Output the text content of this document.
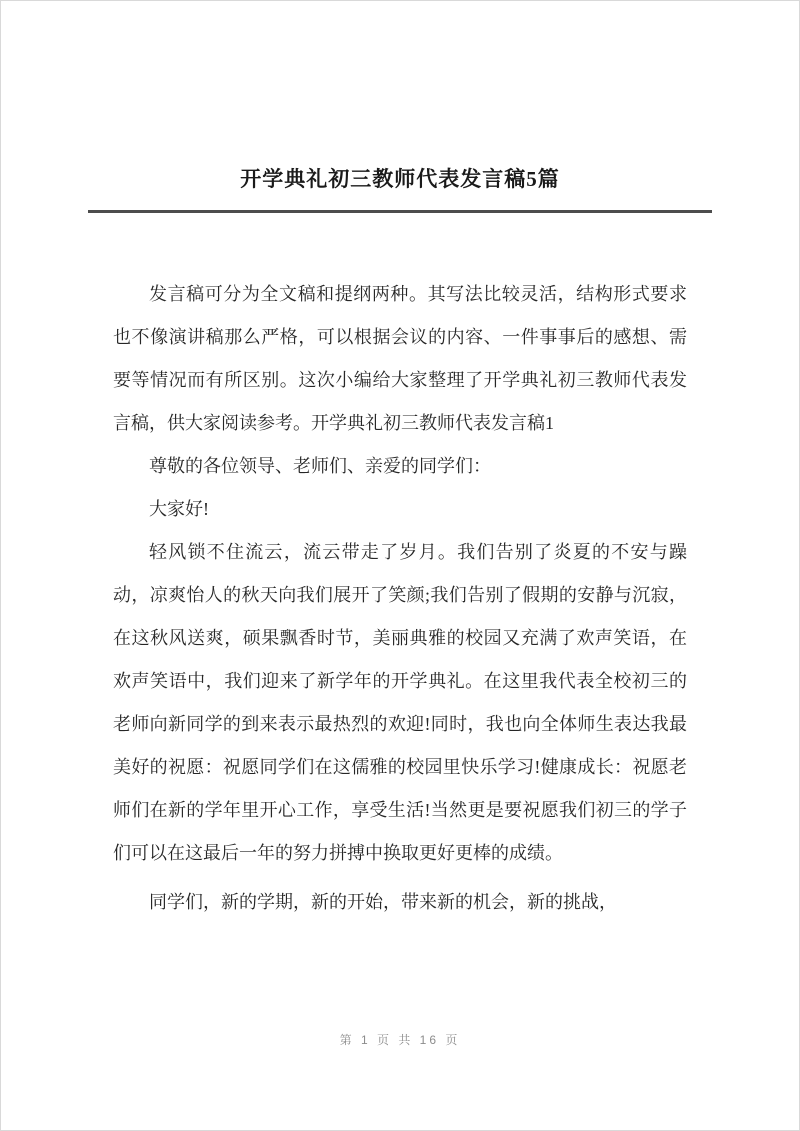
开学典礼初三教师代表发言稿5篇

发言稿可分为全文稿和提纲两种。其写法比较灵活，结构形式要求也不像演讲稿那么严格，可以根据会议的内容、一件事事后的感想、需要等情况而有所区别。这次小编给大家整理了开学典礼初三教师代表发言稿，供大家阅读参考。开学典礼初三教师代表发言稿1

尊敬的各位领导、老师们、亲爱的同学们：

大家好!

轻风锁不住流云，流云带走了岁月。我们告别了炎夏的不安与躁动，凉爽怡人的秋天向我们展开了笑颜;我们告别了假期的安静与沉寂，在这秋风送爽，硕果飘香时节，美丽典雅的校园又充满了欢声笑语，在欢声笑语中，我们迎来了新学年的开学典礼。在这里我代表全校初三的老师向新同学的到来表示最热烈的欢迎!同时，我也向全体师生表达我最美好的祝愿：祝愿同学们在这儒雅的校园里快乐学习!健康成长：祝愿老师们在新的学年里开心工作，享受生活!当然更是要祝愿我们初三的学子们可以在这最后一年的努力拼搏中换取更好更棒的成绩。

同学们，新的学期，新的开始，带来新的机会，新的挑战，

第 1 页 共 16 页
